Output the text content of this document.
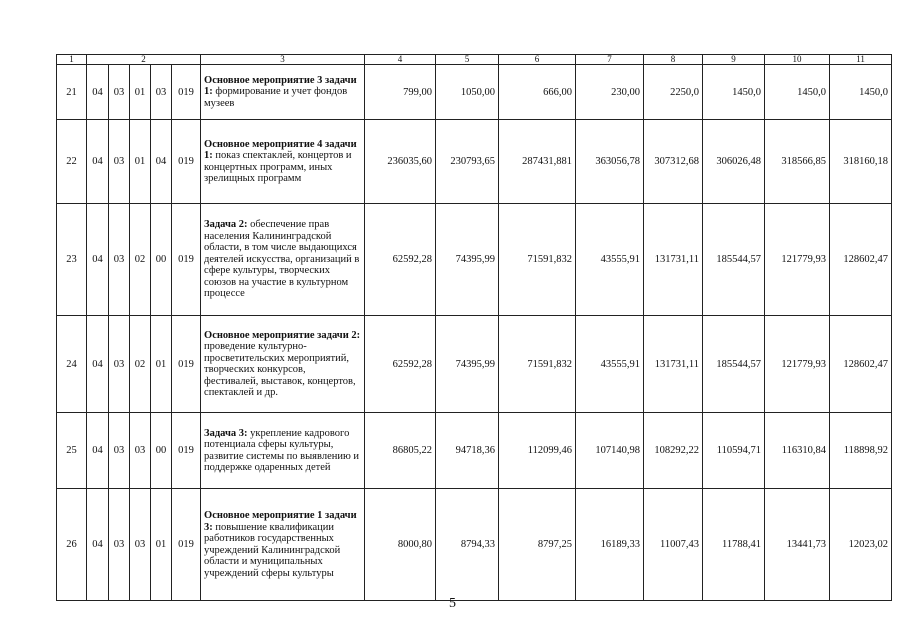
1	2					3	4	5	6	7	8	9	10	11
21	04	03	01	03	019	Основное мероприятие 3 задачи 1: формирование и учет фондов музеев	799,00	1050,00	666,00	230,00	2250,0	1450,0	1450,0	1450,0
22	04	03	01	04	019	Основное мероприятие 4 задачи 1: показ спектаклей, концертов и концертных программ, иных зрелищных программ	236035,60	230793,65	287431,881	363056,78	307312,68	306026,48	318566,85	318160,18
23	04	03	02	00	019	Задача 2: обеспечение прав населения Калининградской области, в том числе выдающихся деятелей искусства, организаций в сфере культуры, творческих союзов на участие в культурном процессе	62592,28	74395,99	71591,832	43555,91	131731,11	185544,57	121779,93	128602,47
24	04	03	02	01	019	Основное мероприятие задачи 2: проведение культурно-просветительских мероприятий, творческих конкурсов, фестивалей, выставок, концертов, спектаклей и др.	62592,28	74395,99	71591,832	43555,91	131731,11	185544,57	121779,93	128602,47
25	04	03	03	00	019	Задача 3: укрепление кадрового потенциала сферы культуры, развитие системы по выявлению и поддержке одаренных детей	86805,22	94718,36	112099,46	107140,98	108292,22	110594,71	116310,84	118898,92
26	04	03	03	01	019	Основное мероприятие 1 задачи 3: повышение квалификации работников государственных учреждений Калининградской области и муниципальных учреждений сферы культуры	8000,80	8794,33	8797,25	16189,33	11007,43	11788,41	13441,73	12023,02
5
